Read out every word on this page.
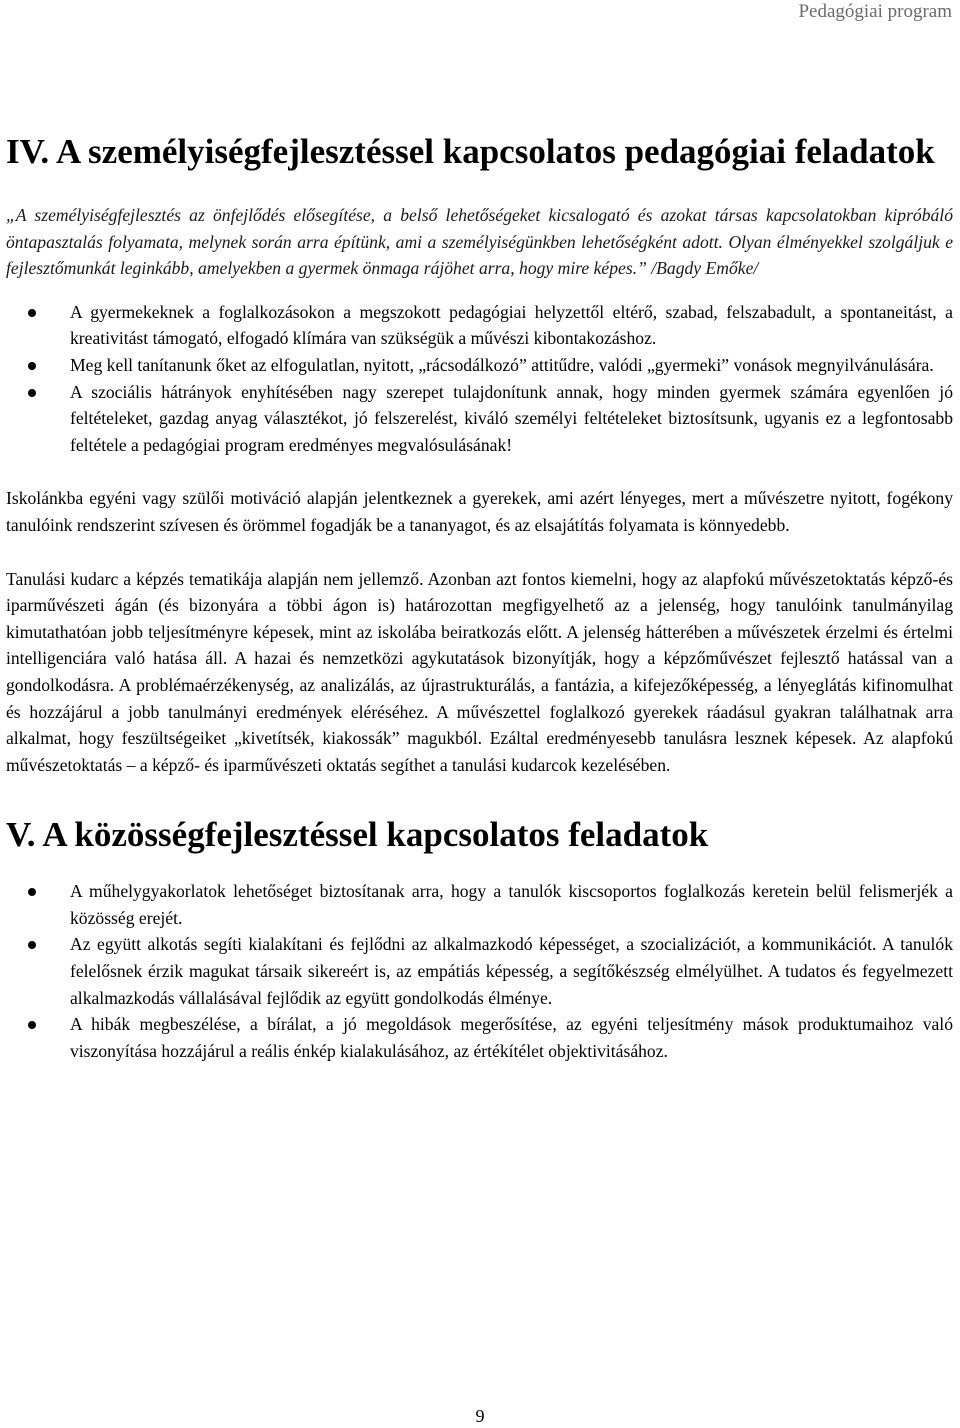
Pedagógiai program
IV. A személyiségfejlesztéssel kapcsolatos pedagógiai feladatok

„A személyiségfejlesztés az önfejlődés elősegítése, a belső lehetőségeket kicsalogató és azokat társas kapcsolatokban kipróbáló öntapasztalás folyamata, melynek során arra építünk, ami a személyiségünkben lehetőségként adott. Olyan élményekkel szolgáljuk e fejlesztőmunkát leginkább, amelyekben a gyermek önmaga rájöhet arra, hogy mire képes.” /Bagdy Emőke/

A gyermekeknek a foglalkozásokon a megszokott pedagógiai helyzettől eltérő, szabad, felszabadult, a spontaneitást, a kreativitást támogató, elfogadó klímára van szükségük a művészi kibontakozáshoz.
Meg kell tanítanunk őket az elfogulatlan, nyitott, „rácsodálkozó” attitűdre, valódi „gyermeki” vonások megnyilvánulására.
A szociális hátrányok enyhítésében nagy szerepet tulajdonítunk annak, hogy minden gyermek számára egyenlően jó feltételeket, gazdag anyag választékot, jó felszerelést, kiváló személyi feltételeket biztosítsunk, ugyanis ez a legfontosabb feltétele a pedagógiai program eredményes megvalósulásának!

Iskolánkba egyéni vagy szülői motiváció alapján jelentkeznek a gyerekek, ami azért lényeges, mert a művészetre nyitott, fogékony tanulóink rendszerint szívesen és örömmel fogadják be a tananyagot, és az elsajátítás folyamata is könnyedebb.

Tanulási kudarc a képzés tematikája alapján nem jellemző. Azonban azt fontos kiemelni, hogy az alapfokú művészetoktatás képző-és iparművészeti ágán (és bizonyára a többi ágon is) határozottan megfigyelhető az a jelenség, hogy tanulóink tanulmányilag kimutathatóan jobb teljesítményre képesek, mint az iskolába beiratkozás előtt. A jelenség hátterében a művészetek érzelmi és értelmi intelligenciára való hatása áll. A hazai és nemzetközi agykutatások bizonyítják, hogy a képzőművészet fejlesztő hatással van a gondolkodásra. A problémaérzékenység, az analizálás, az újrastrukturálás, a fantázia, a kifejezőképesség, a lényeglátás kifinomulhat és hozzájárul a jobb tanulmányi eredmények eléréséhez. A művészettel foglalkozó gyerekek ráadásul gyakran találhatnak arra alkalmat, hogy feszültségeiket „kivetítsék, kiakossák” magukból. Ezáltal eredményesebb tanulásra lesznek képesek. Az alapfokú művészetoktatás – a képző- és iparművészeti oktatás segíthet a tanulási kudarcok kezelésében.

V. A közösségfejlesztéssel kapcsolatos feladatok
A műhelygyakorlatok lehetőséget biztosítanak arra, hogy a tanulók kiscsoportos foglalkozás keretein belül felismerjék a közösség erejét.
Az együtt alkotás segíti kialakítani és fejlődni az alkalmazkodó képességet, a szocializációt, a kommunikációt. A tanulók felelősnek érzik magukat társaik sikereért is, az empátiás képesség, a segítőkészség elmélyülhet. A tudatos és fegyelmezett alkalmazkodás vállalásával fejlődik az együtt gondolkodás élménye.
A hibák megbeszélése, a bírálat, a jó megoldások megerősítése, az egyéni teljesítmény mások produktumaihoz való viszonyítása hozzájárul a reális énkép kialakulásához, az értékítélet objektivitásához.
9
